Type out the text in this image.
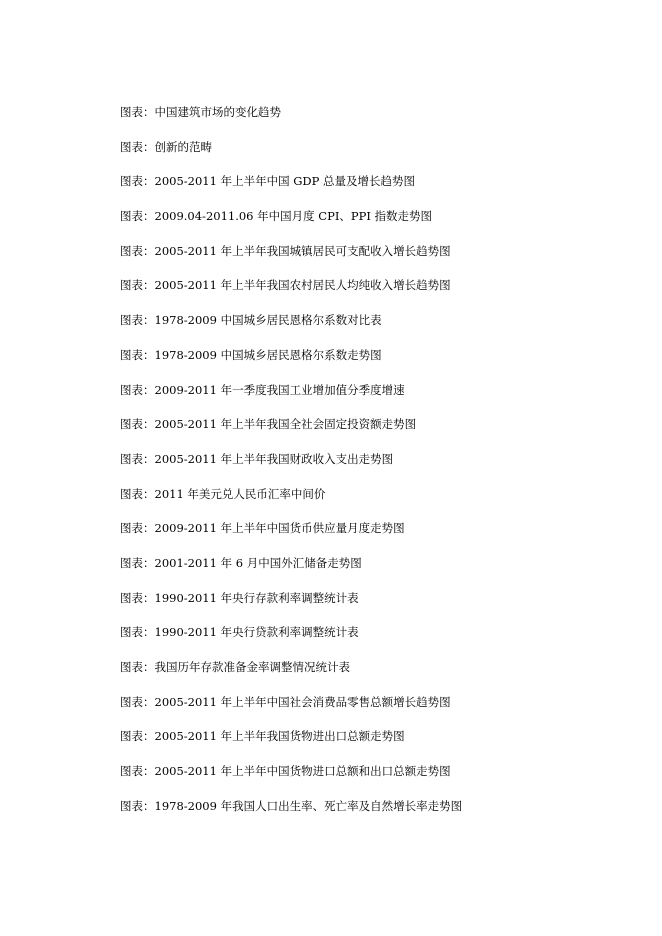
图表：中国建筑市场的变化趋势
图表：创新的范畴
图表：2005-2011 年上半年中国 GDP 总量及增长趋势图
图表：2009.04-2011.06 年中国月度 CPI、PPI 指数走势图
图表：2005-2011 年上半年我国城镇居民可支配收入增长趋势图
图表：2005-2011 年上半年我国农村居民人均纯收入增长趋势图
图表：1978-2009 中国城乡居民恩格尔系数对比表
图表：1978-2009 中国城乡居民恩格尔系数走势图
图表：2009-2011 年一季度我国工业增加值分季度增速
图表：2005-2011 年上半年我国全社会固定投资额走势图
图表：2005-2011 年上半年我国财政收入支出走势图
图表：2011 年美元兑人民币汇率中间价
图表：2009-2011 年上半年中国货币供应量月度走势图
图表：2001-2011 年 6 月中国外汇储备走势图
图表：1990-2011 年央行存款利率调整统计表
图表：1990-2011 年央行贷款利率调整统计表
图表：我国历年存款准备金率调整情况统计表
图表：2005-2011 年上半年中国社会消费品零售总额增长趋势图
图表：2005-2011 年上半年我国货物进出口总额走势图
图表：2005-2011 年上半年中国货物进口总额和出口总额走势图
图表：1978-2009 年我国人口出生率、死亡率及自然增长率走势图
